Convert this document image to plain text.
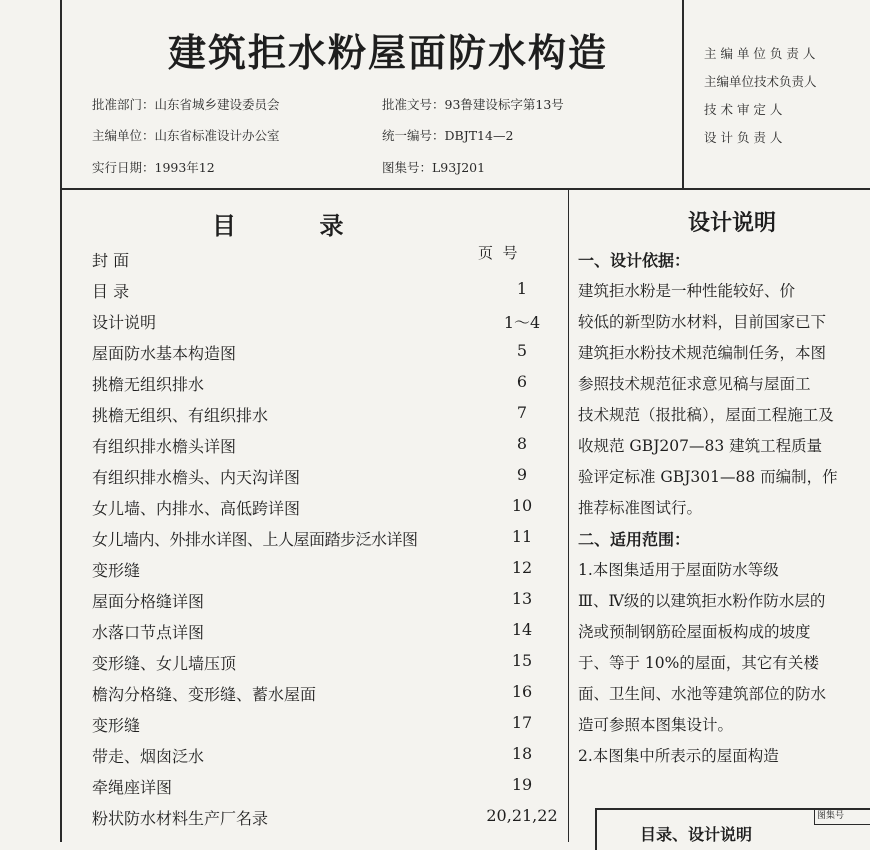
建筑拒水粉屋面防水构造
批准部门：山东省城乡建设委员会	批准文号：93鲁建设标字第13号
主编单位：山东省标准设计办公室	统一编号：DBJT14—2
实行日期：1993年12	图集号：L93J201
主 编 单 位 负 责 人
主编单位技术负责人
技 术 审 定 人
设 计 负 责 人
目          录
页  号
封 面
目 录	1
设计说明	1～4
屋面防水基本构造图	5
挑檐无组织排水	6
挑檐无组织、有组织排水	7
有组织排水檐头详图	8
有组织排水檐头、内天沟详图	9
女儿墙、内排水、高低跨详图	10
女儿墙内、外排水详图、上人屋面踏步泛水详图	11
变形缝	12
屋面分格缝详图	13
水落口节点详图	14
变形缝、女儿墙压顶	15
檐沟分格缝、变形缝、蓄水屋面	16
变形缝	17
带走、烟囱泛水	18
牵绳座详图	19
粉状防水材料生产厂名录	20,21,22
设计说明
一、设计依据：
建筑拒水粉是一种性能较好、价
较低的新型防水材料，目前国家已下
建筑拒水粉技术规范编制任务，本图
参照技术规范征求意见稿与屋面工
技术规范（报批稿），屋面工程施工及
收规范 GBJ207—83 建筑工程质量
验评定标准 GBJ301—88 而编制，作
推荐标准图试行。
二、适用范围：
1.本图集适用于屋面防水等级
Ⅲ、Ⅳ级的以建筑拒水粉作防水层的
浇或预制钢筋砼屋面板构成的坡度
于、等于 10%的屋面，其它有关楼
面、卫生间、水池等建筑部位的防水
造可参照本图集设计。
2.本图集中所表示的屋面构造
目录、设计说明
图集号
